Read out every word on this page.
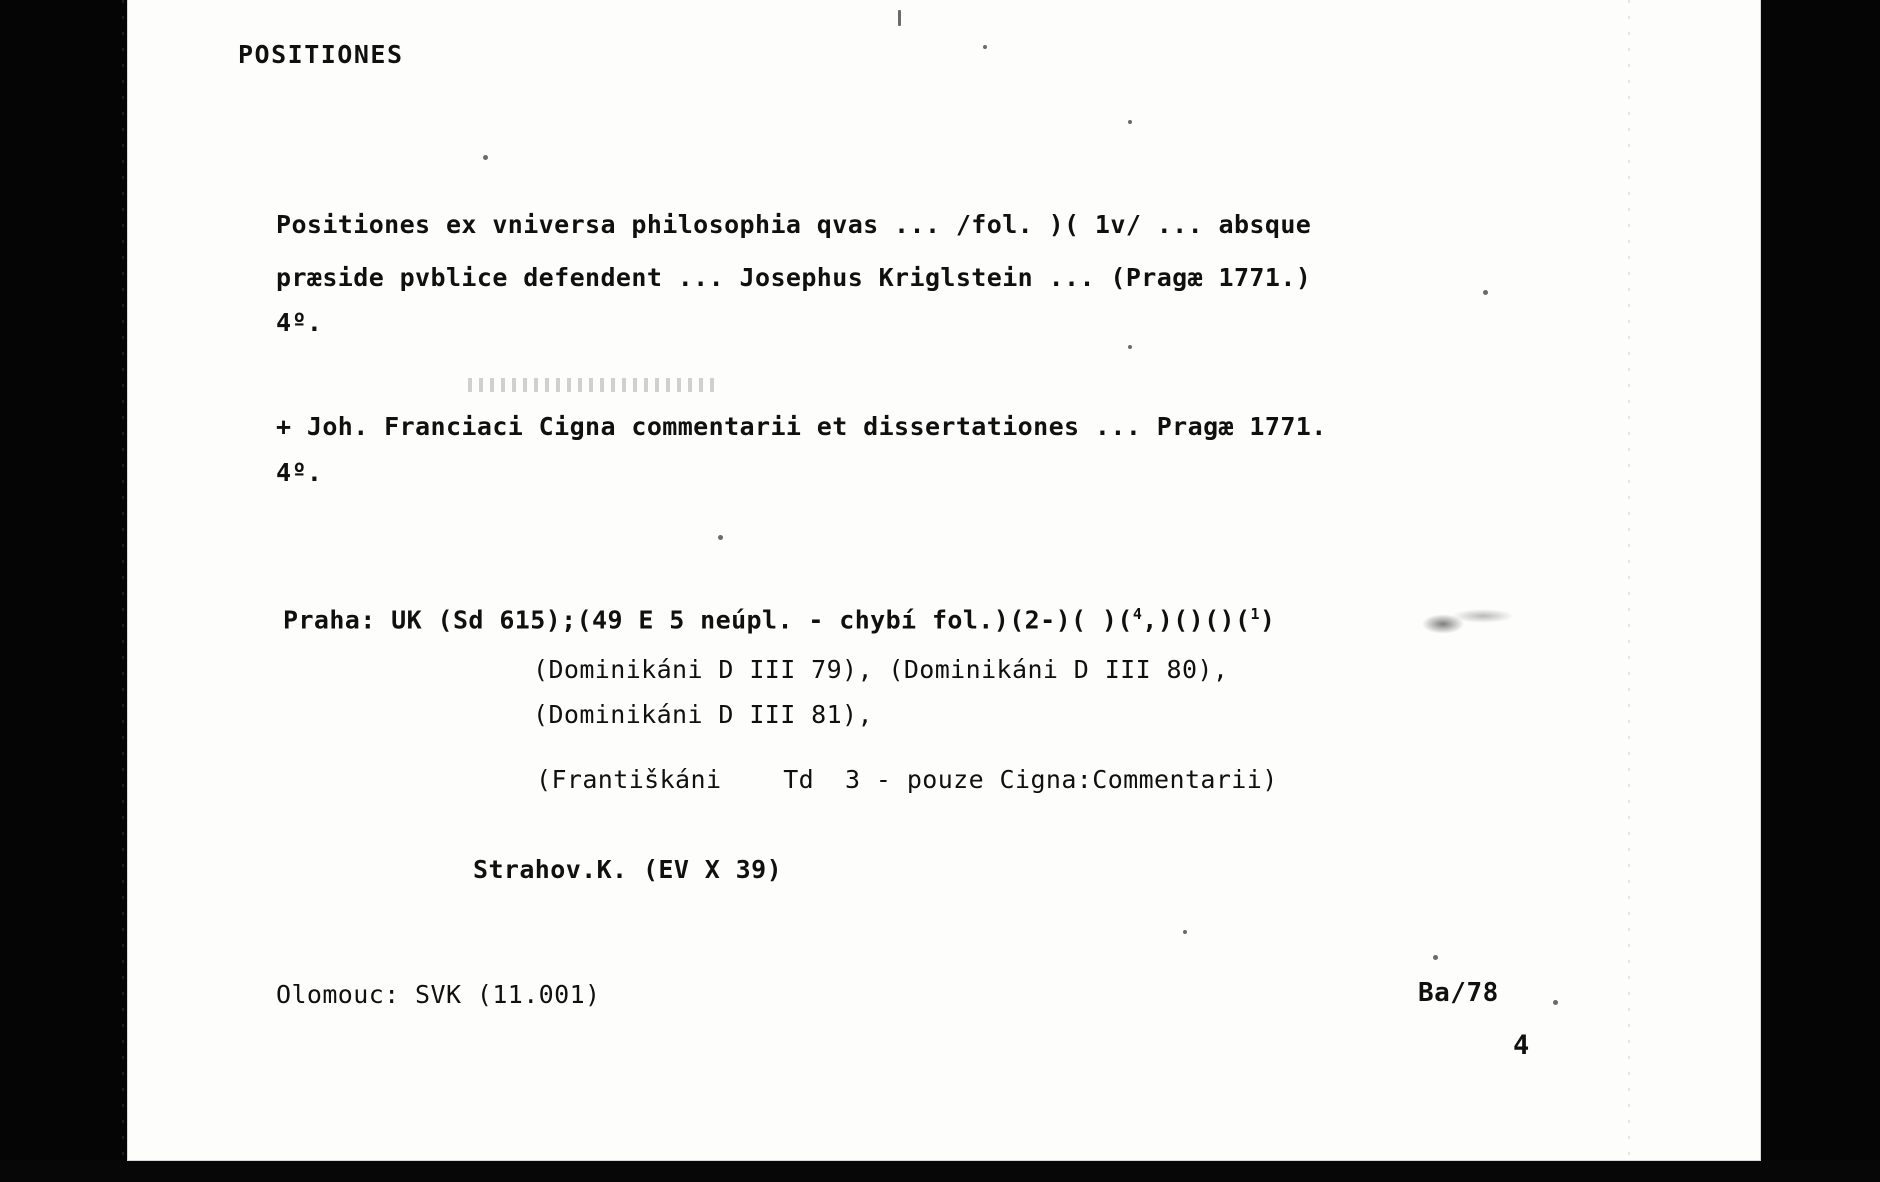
POSITIONES
Positiones ex vniversa philosophia qvas ... /fol. )( 1v/ ... absque
præside pvblice defendent ... Josephus Kriglstein ... (Pragæ 1771.)
4º.
+ Joh. Franciaci Cigna commentarii et dissertationes ... Pragæ 1771.
4º.
Praha: UK (Sd 615);(49 E 5 neúpl. - chybí fol.)(2-)( )($^4$,)()()($^1$)
(Dominikáni D III 79), (Dominikáni D III 80),
(Dominikáni D III 81),
(Františkáni    Td  3 - pouze Cigna:Commentarii)
Strahov.K. (EV X 39)
Olomouc: SVK (11.001)	Ba/78
4
